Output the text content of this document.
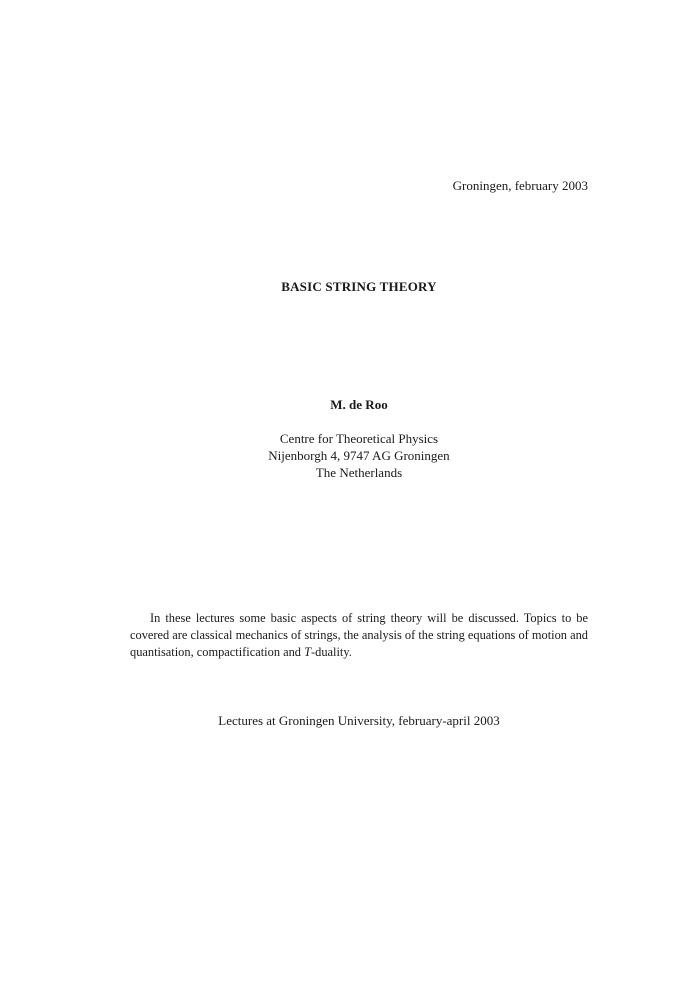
Groningen, february 2003
BASIC STRING THEORY
M. de Roo
Centre for Theoretical Physics
Nijenborgh 4, 9747 AG Groningen
The Netherlands

In these lectures some basic aspects of string theory will be discussed. Topics to be covered are classical mechanics of strings, the analysis of the string equations of motion and quantisation, compactification and T-duality.

Lectures at Groningen University, february-april 2003
